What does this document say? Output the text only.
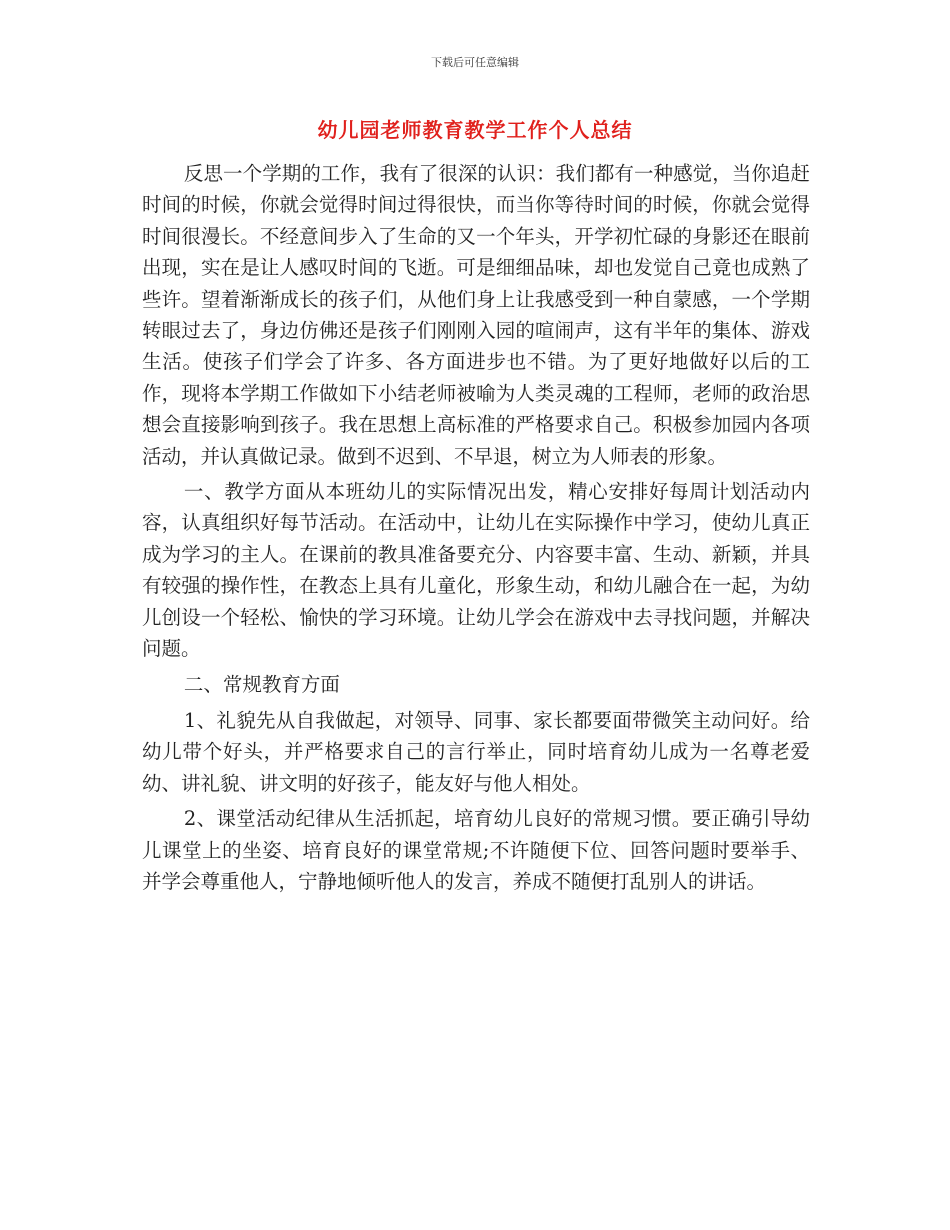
下载后可任意编辑
幼儿园老师教育教学工作个人总结

反思一个学期的工作，我有了很深的认识：我们都有一种感觉，当你追赶时间的时候，你就会觉得时间过得很快，而当你等待时间的时候，你就会觉得时间很漫长。不经意间步入了生命的又一个年头，开学初忙碌的身影还在眼前出现，实在是让人感叹时间的飞逝。可是细细品味，却也发觉自己竟也成熟了些许。望着渐渐成长的孩子们，从他们身上让我感受到一种自蒙感，一个学期转眼过去了，身边仿佛还是孩子们刚刚入园的喧闹声，这有半年的集体、游戏生活。使孩子们学会了许多、各方面进步也不错。为了更好地做好以后的工作，现将本学期工作做如下小结老师被喻为人类灵魂的工程师，老师的政治思想会直接影响到孩子。我在思想上高标准的严格要求自己。积极参加园内各项活动，并认真做记录。做到不迟到、不早退，树立为人师表的形象。

一、教学方面从本班幼儿的实际情况出发，精心安排好每周计划活动内容，认真组织好每节活动。在活动中，让幼儿在实际操作中学习，使幼儿真正成为学习的主人。在课前的教具准备要充分、内容要丰富、生动、新颖，并具有较强的操作性，在教态上具有儿童化，形象生动，和幼儿融合在一起，为幼儿创设一个轻松、愉快的学习环境。让幼儿学会在游戏中去寻找问题，并解决问题。

二、常规教育方面

1、礼貌先从自我做起，对领导、同事、家长都要面带微笑主动问好。给幼儿带个好头，并严格要求自己的言行举止，同时培育幼儿成为一名尊老爱幼、讲礼貌、讲文明的好孩子，能友好与他人相处。

2、课堂活动纪律从生活抓起，培育幼儿良好的常规习惯。要正确引导幼儿课堂上的坐姿、培育良好的课堂常规;不许随便下位、回答问题时要举手、并学会尊重他人，宁静地倾听他人的发言，养成不随便打乱别人的讲话。
